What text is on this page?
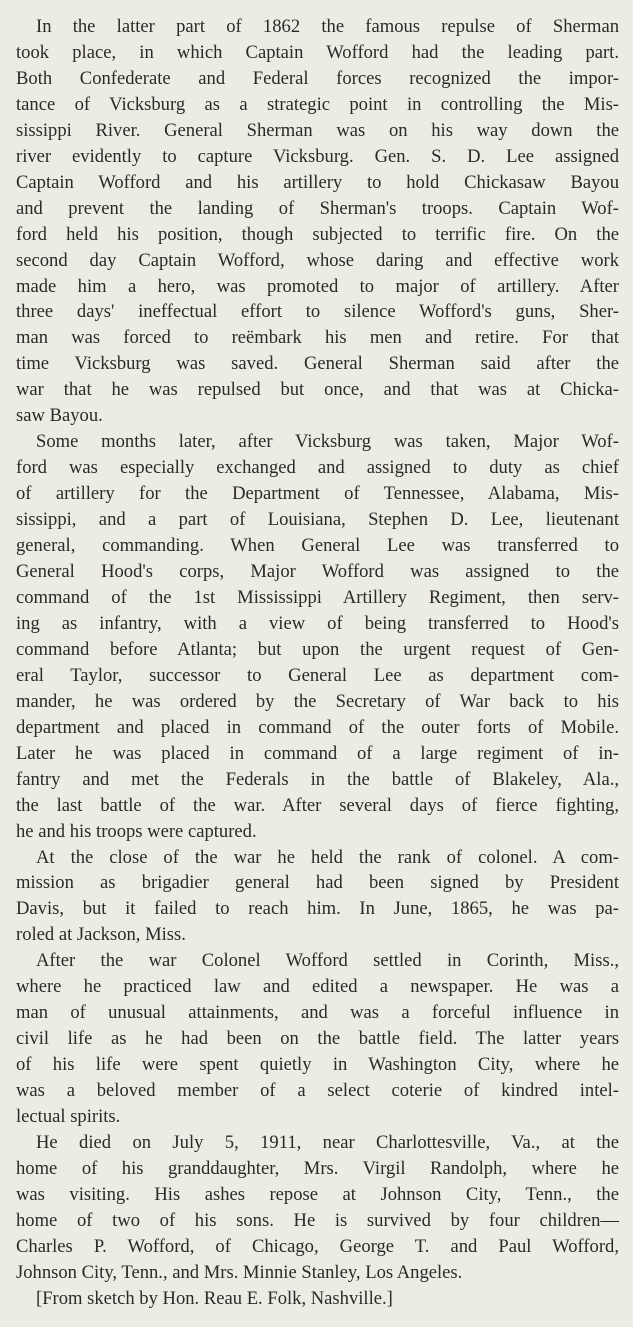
In the latter part of 1862 the famous repulse of Sherman
took place, in which Captain Wofford had the leading part.
Both Confederate and Federal forces recognized the impor-
tance of Vicksburg as a strategic point in controlling the Mis-
sissippi River. General Sherman was on his way down the
river evidently to capture Vicksburg. Gen. S. D. Lee assigned
Captain Wofford and his artillery to hold Chickasaw Bayou
and prevent the landing of Sherman's troops. Captain Wof-
ford held his position, though subjected to terrific fire. On the
second day Captain Wofford, whose daring and effective work
made him a hero, was promoted to major of artillery. After
three days' ineffectual effort to silence Wofford's guns, Sher-
man was forced to reëmbark his men and retire. For that
time Vicksburg was saved. General Sherman said after the
war that he was repulsed but once, and that was at Chicka-
saw Bayou.

Some months later, after Vicksburg was taken, Major Wof-
ford was especially exchanged and assigned to duty as chief
of artillery for the Department of Tennessee, Alabama, Mis-
sissippi, and a part of Louisiana, Stephen D. Lee, lieutenant
general, commanding. When General Lee was transferred to
General Hood's corps, Major Wofford was assigned to the
command of the 1st Mississippi Artillery Regiment, then serv-
ing as infantry, with a view of being transferred to Hood's
command before Atlanta; but upon the urgent request of Gen-
eral Taylor, successor to General Lee as department com-
mander, he was ordered by the Secretary of War back to his
department and placed in command of the outer forts of Mobile.
Later he was placed in command of a large regiment of in-
fantry and met the Federals in the battle of Blakeley, Ala.,
the last battle of the war. After several days of fierce fighting,
he and his troops were captured.

At the close of the war he held the rank of colonel. A com-
mission as brigadier general had been signed by President
Davis, but it failed to reach him. In June, 1865, he was pa-
roled at Jackson, Miss.

After the war Colonel Wofford settled in Corinth, Miss.,
where he practiced law and edited a newspaper. He was a
man of unusual attainments, and was a forceful influence in
civil life as he had been on the battle field. The latter years
of his life were spent quietly in Washington City, where he
was a beloved member of a select coterie of kindred intel-
lectual spirits.

He died on July 5, 1911, near Charlottesville, Va., at the
home of his granddaughter, Mrs. Virgil Randolph, where he
was visiting. His ashes repose at Johnson City, Tenn., the
home of two of his sons. He is survived by four children—
Charles P. Wofford, of Chicago, George T. and Paul Wofford,
Johnson City, Tenn., and Mrs. Minnie Stanley, Los Angeles.

[From sketch by Hon. Reau E. Folk, Nashville.]
